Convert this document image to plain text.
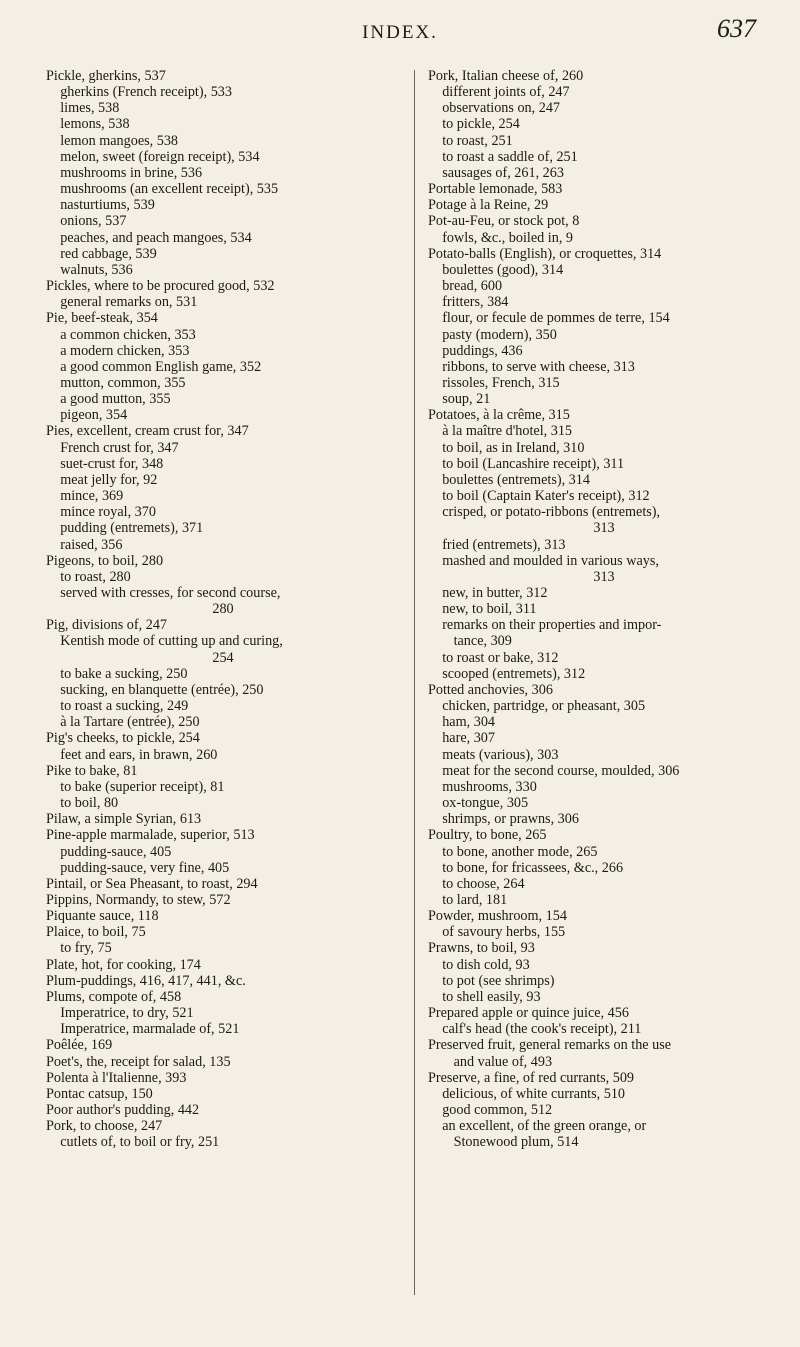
INDEX.	637
Pickle, gherkins, 537
gherkins (French receipt), 533
limes, 538
lemons, 538
lemon mangoes, 538
melon, sweet (foreign receipt), 534
mushrooms in brine, 536
mushrooms (an excellent receipt), 535
nasturtiums, 539
onions, 537
peaches, and peach mangoes, 534
red cabbage, 539
walnuts, 536
Pickles, where to be procured good, 532
general remarks on, 531
Pie, beef-steak, 354
a common chicken, 353
a modern chicken, 353
a good common English game, 352
mutton, common, 355
a good mutton, 355
pigeon, 354
Pies, excellent, cream crust for, 347
French crust for, 347
suet-crust for, 348
meat jelly for, 92
mince, 369
mince royal, 370
pudding (entremets), 371
raised, 356
Pigeons, to boil, 280
to roast, 280
served with cresses, for second course,
280
Pig, divisions of, 247
Kentish mode of cutting up and curing,
254
to bake a sucking, 250
sucking, en blanquette (entrée), 250
to roast a sucking, 249
à la Tartare (entrée), 250
Pig's cheeks, to pickle, 254
feet and ears, in brawn, 260
Pike to bake, 81
to bake (superior receipt), 81
to boil, 80
Pilaw, a simple Syrian, 613
Pine-apple marmalade, superior, 513
pudding-sauce, 405
pudding-sauce, very fine, 405
Pintail, or Sea Pheasant, to roast, 294
Pippins, Normandy, to stew, 572
Piquante sauce, 118
Plaice, to boil, 75
to fry, 75
Plate, hot, for cooking, 174
Plum-puddings, 416, 417, 441, &c.
Plums, compote of, 458
Imperatrice, to dry, 521
Imperatrice, marmalade of, 521
Poêlée, 169
Poet's, the, receipt for salad, 135
Polenta à l'Italienne, 393
Pontac catsup, 150
Poor author's pudding, 442
Pork, to choose, 247
cutlets of, to boil or fry, 251
Pork, Italian cheese of, 260
different joints of, 247
observations on, 247
to pickle, 254
to roast, 251
to roast a saddle of, 251
sausages of, 261, 263
Portable lemonade, 583
Potage à la Reine, 29
Pot-au-Feu, or stock pot, 8
fowls, &c., boiled in, 9
Potato-balls (English), or croquettes, 314
boulettes (good), 314
bread, 600
fritters, 384
flour, or fecule de pommes de terre, 154
pasty (modern), 350
puddings, 436
ribbons, to serve with cheese, 313
rissoles, French, 315
soup, 21
Potatoes, à la crême, 315
à la maître d'hotel, 315
to boil, as in Ireland, 310
to boil (Lancashire receipt), 311
boulettes (entremets), 314
to boil (Captain Kater's receipt), 312
crisped, or potato-ribbons (entremets),
313
fried (entremets), 313
mashed and moulded in various ways,
313
new, in butter, 312
new, to boil, 311
remarks on their properties and impor-
tance, 309
to roast or bake, 312
scooped (entremets), 312
Potted anchovies, 306
chicken, partridge, or pheasant, 305
ham, 304
hare, 307
meats (various), 303
meat for the second course, moulded, 306
mushrooms, 330
ox-tongue, 305
shrimps, or prawns, 306
Poultry, to bone, 265
to bone, another mode, 265
to bone, for fricassees, &c., 266
to choose, 264
to lard, 181
Powder, mushroom, 154
of savoury herbs, 155
Prawns, to boil, 93
to dish cold, 93
to pot (see shrimps)
to shell easily, 93
Prepared apple or quince juice, 456
calf's head (the cook's receipt), 211
Preserved fruit, general remarks on the use
and value of, 493
Preserve, a fine, of red currants, 509
delicious, of white currants, 510
good common, 512
an excellent, of the green orange, or
Stonewood plum, 514
